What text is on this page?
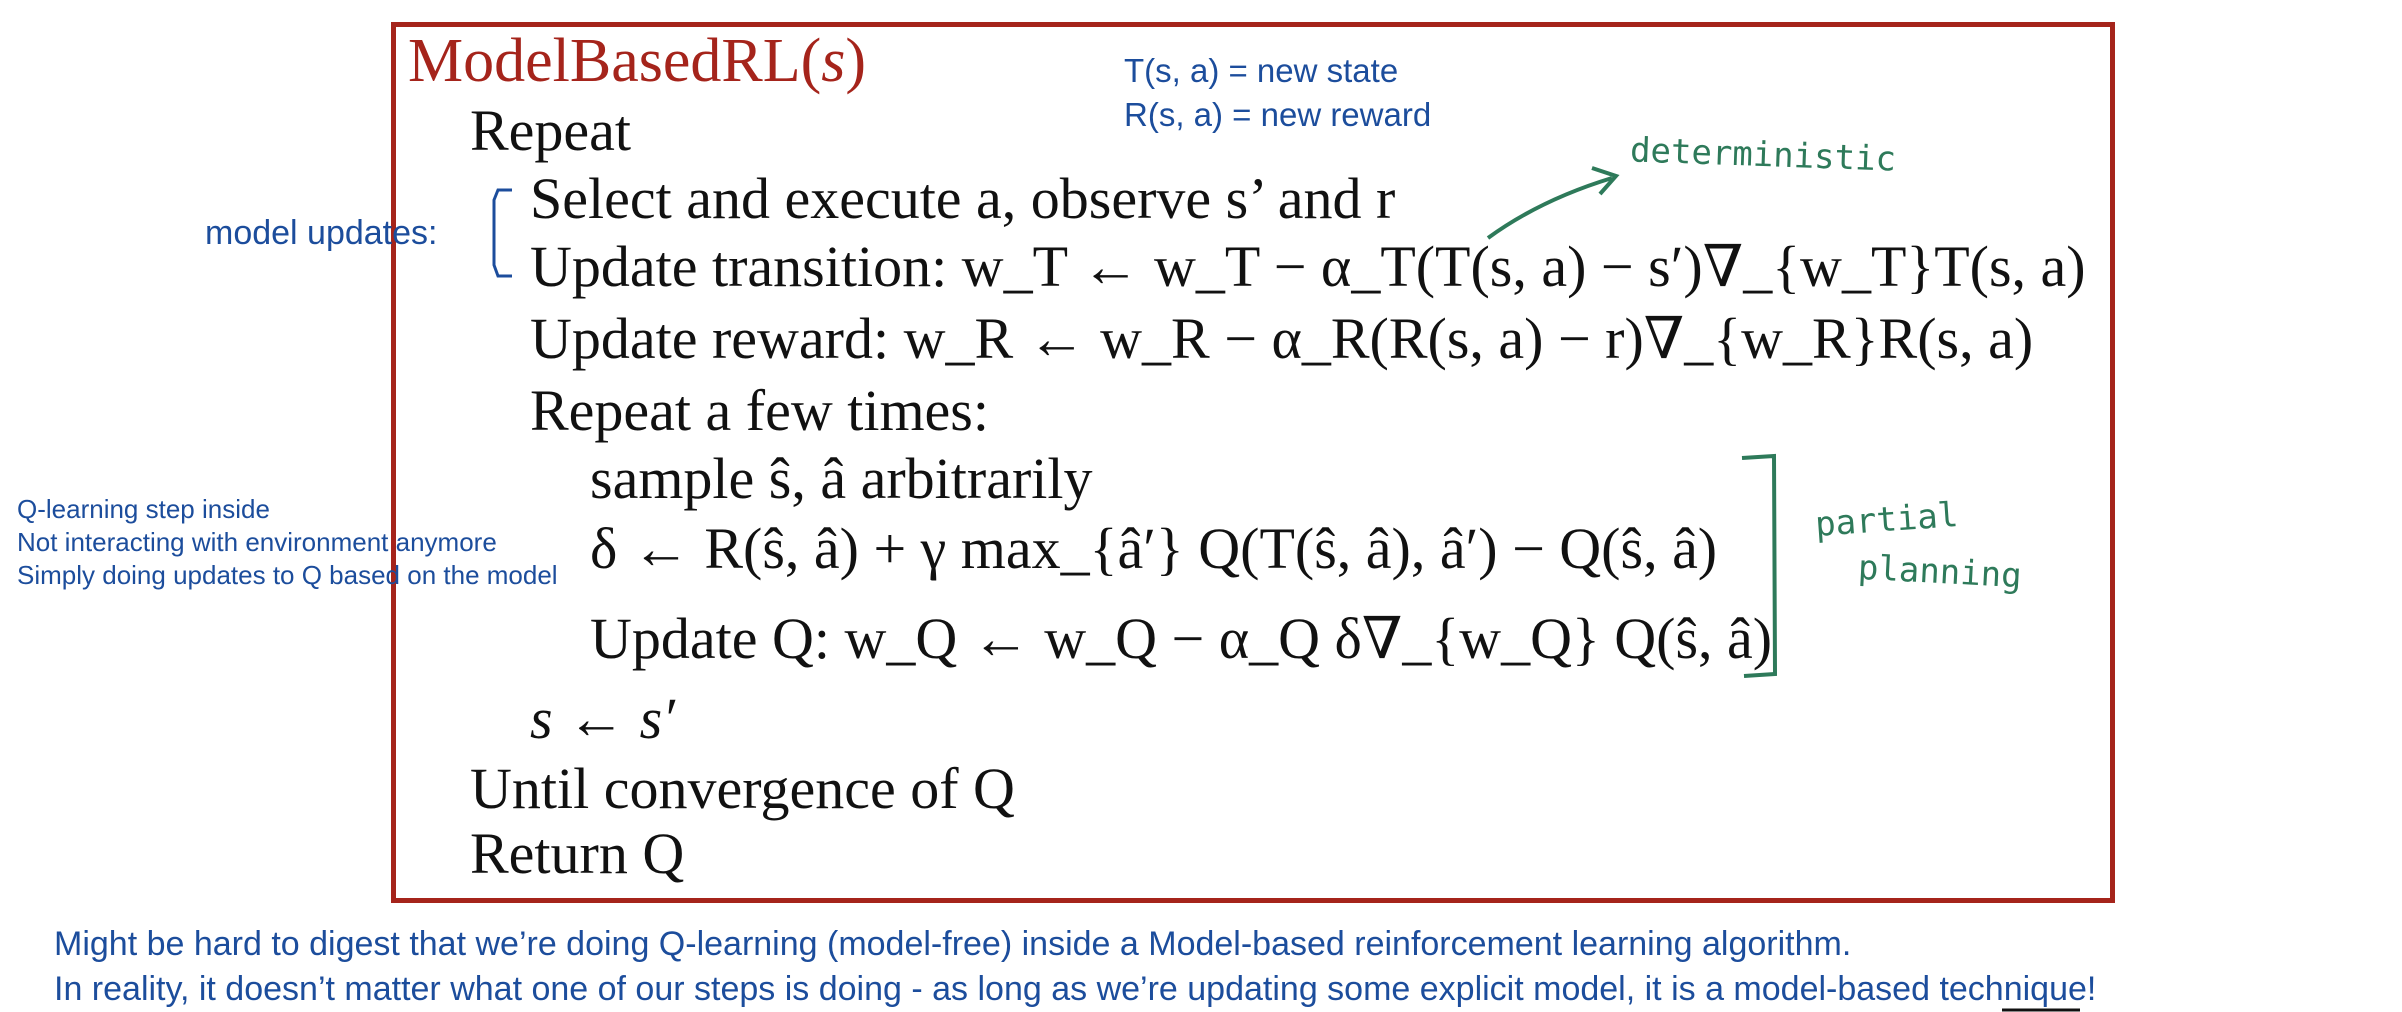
ModelBasedRL(s)
Repeat
Select and execute a, observe s’ and r
Update transition: w_T ← w_T − α_T(T(s, a) − s′)∇_{w_T}T(s, a)
Update reward: w_R ← w_R − α_R(R(s, a) − r)∇_{w_R}R(s, a)
Repeat a few times:
sample ŝ, â arbitrarily
δ ← R(ŝ, â) + γ max_{â′} Q(T(ŝ, â), â′) − Q(ŝ, â)
Update Q: w_Q ← w_Q − α_Q δ∇_{w_Q} Q(ŝ, â)
s ← s′
Until convergence of Q
Return Q
T(s, a) = new state
R(s, a) = new reward
model updates:
Q-learning step inside
Not interacting with environment anymore
Simply doing updates to Q based on the model
Might be hard to digest that we’re doing Q-learning (model-free) inside a Model-based reinforcement learning algorithm.
In reality, it doesn’t matter what one of our steps is doing - as long as we’re updating some explicit model, it is a model-based technique!
deterministic
partial
planning
